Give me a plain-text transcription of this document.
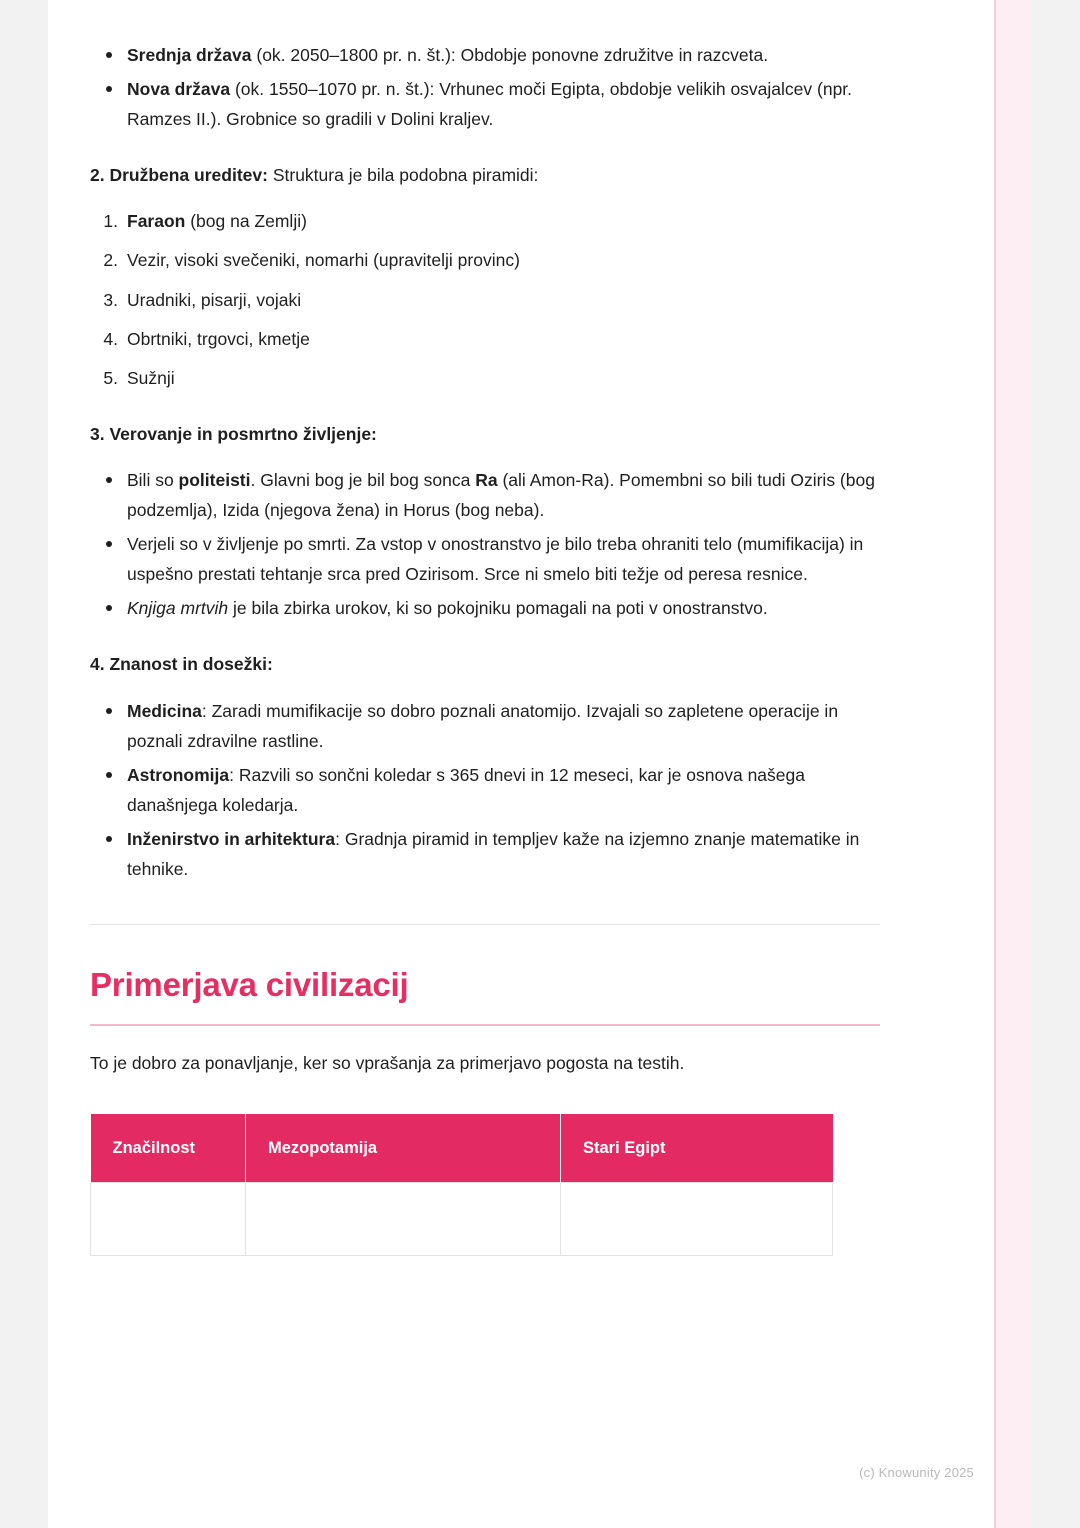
Srednja država (ok. 2050–1800 pr. n. št.): Obdobje ponovne združitve in razcveta.
Nova država (ok. 1550–1070 pr. n. št.): Vrhunec moči Egipta, obdobje velikih osvajalcev (npr. Ramzes II.). Grobnice so gradili v Dolini kraljev.

2. Družbena ureditev: Struktura je bila podobna piramidi:

Faraon (bog na Zemlji)
Vezir, visoki svečeniki, nomarhi (upravitelji provinc)
Uradniki, pisarji, vojaki
Obrtniki, trgovci, kmetje
Sužnji

3. Verovanje in posmrtno življenje:

Bili so politeisti. Glavni bog je bil bog sonca Ra (ali Amon-Ra). Pomembni so bili tudi Oziris (bog podzemlja), Izida (njegova žena) in Horus (bog neba).
Verjeli so v življenje po smrti. Za vstop v onostranstvo je bilo treba ohraniti telo (mumifikacija) in uspešno prestati tehtanje srca pred Ozirisom. Srce ni smelo biti težje od peresa resnice.
Knjiga mrtvih je bila zbirka urokov, ki so pokojniku pomagali na poti v onostranstvo.

4. Znanost in dosežki:

Medicina: Zaradi mumifikacije so dobro poznali anatomijo. Izvajali so zapletene operacije in poznali zdravilne rastline.
Astronomija: Razvili so sončni koledar s 365 dnevi in 12 meseci, kar je osnova našega današnjega koledarja.
Inženirstvo in arhitektura: Gradnja piramid in templjev kaže na izjemno znanje matematike in tehnike.
Primerjava civilizacij

To je dobro za ponavljanje, ker so vprašanja za primerjavo pogosta na testih.

Značilnost	Mezopotamija	Stari Egipt

(c) Knowunity 2025
